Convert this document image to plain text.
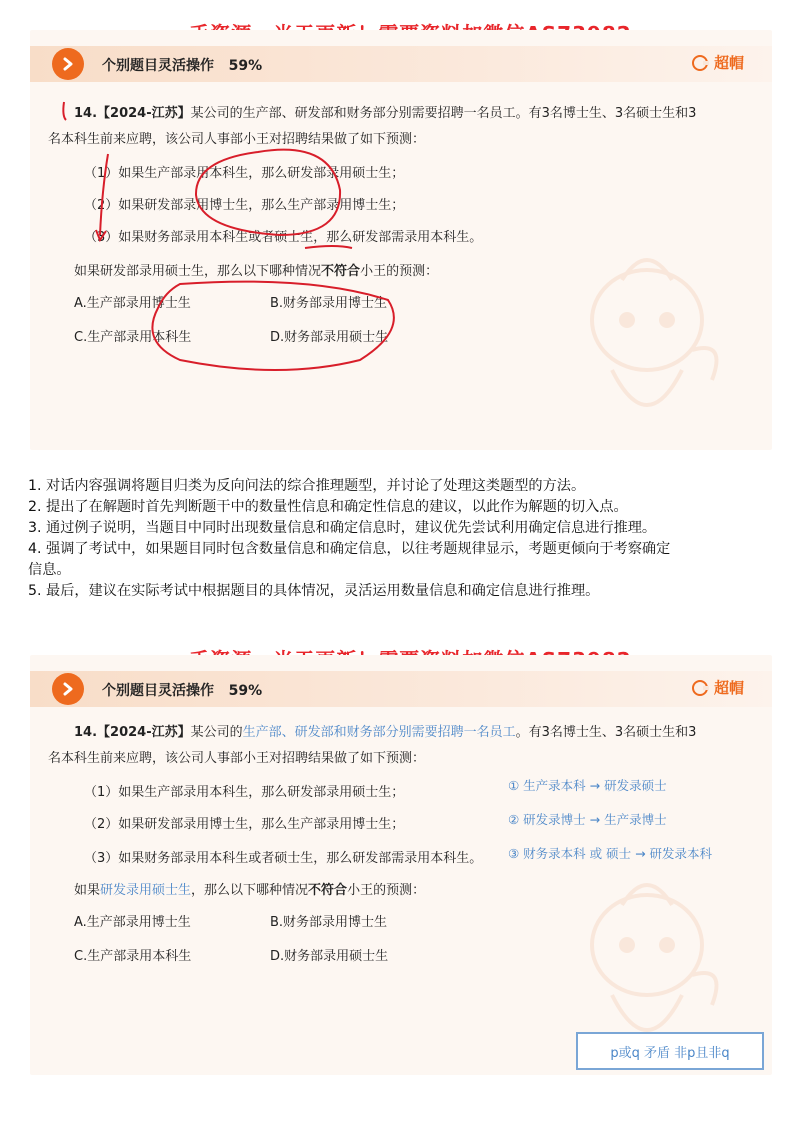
个别题目灵活操作 59%	超帽
14.【2024-江苏】某公司的生产部、研发部和财务部分别需要招聘一名员工。有3名博士生、3名硕士生和3
名本科生前来应聘，该公司人事部小王对招聘结果做了如下预测：
（1）如果生产部录用本科生，那么研发部录用硕士生；
（2）如果研发部录用博士生，那么生产部录用博士生；
（3）如果财务部录用本科生或者硕士生，那么研发部需录用本科生。
如果研发部录用硕士生，那么以下哪种情况不符合小王的预测：
A.生产部录用博士生	B.财务部录用博士生
C.生产部录用本科生	D.财务部录用硕士生
1. 对话内容强调将题目归类为反向问法的综合推理题型，并讨论了处理这类题型的方法。
2. 提出了在解题时首先判断题干中的数量性信息和确定性信息的建议，以此作为解题的切入点。
3. 通过例子说明，当题目中同时出现数量信息和确定信息时，建议优先尝试利用确定信息进行推理。
4. 强调了考试中，如果题目同时包含数量信息和确定信息，以往考题规律显示，考题更倾向于考察确定
信息。
5. 最后，建议在实际考试中根据题目的具体情况，灵活运用数量信息和确定信息进行推理。
个别题目灵活操作 59%	超帽
14.【2024-江苏】某公司的生产部、研发部和财务部分别需要招聘一名员工。有3名博士生、3名硕士生和3
名本科生前来应聘，该公司人事部小王对招聘结果做了如下预测：
（1）如果生产部录用本科生，那么研发部录用硕士生；
（2）如果研发部录用博士生，那么生产部录用博士生；
（3）如果财务部录用本科生或者硕士生，那么研发部需录用本科生。
如果研发录用硕士生，那么以下哪种情况不符合小王的预测：
A.生产部录用博士生	B.财务部录用博士生
C.生产部录用本科生	D.财务部录用硕士生
① 生产录本科 → 研发录硕士
② 研发录博士 → 生产录博士
③ 财务录本科 或 硕士 → 研发录本科
p或q 矛盾 非p且非q
